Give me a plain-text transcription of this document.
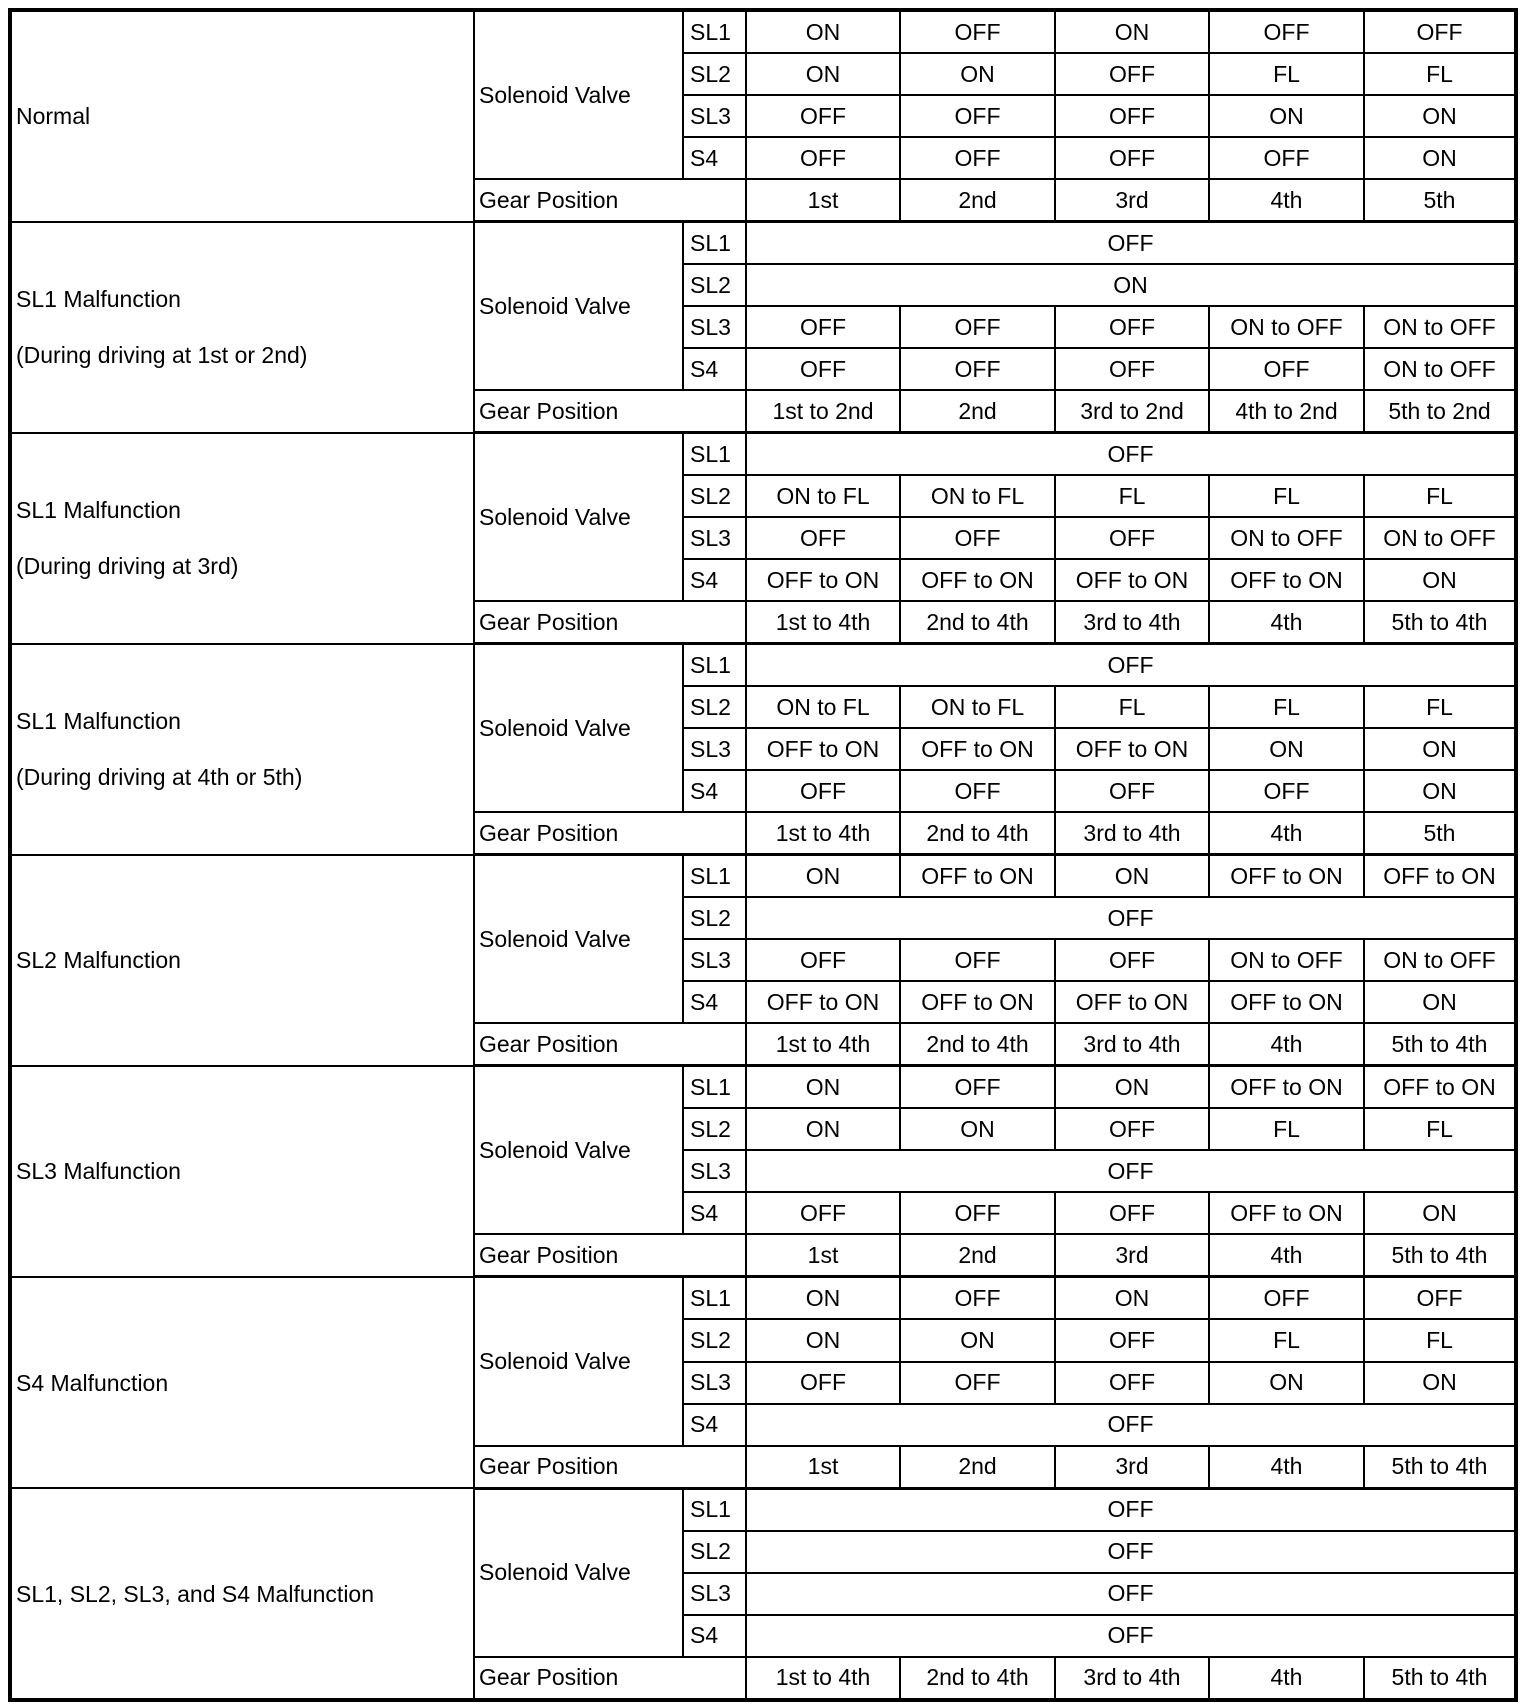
Normal	Solenoid Valve	SL1	ON	OFF	ON	OFF	OFF
		SL2	ON	ON	OFF	FL	FL
		SL3	OFF	OFF	OFF	ON	ON
		S4	OFF	OFF	OFF	OFF	ON
	Gear Position		1st	2nd	3rd	4th	5th

SL1 Malfunction
(During driving at 1st or 2nd)	Solenoid Valve	SL1	OFF				
		SL2	ON				
		SL3	OFF	OFF	OFF	ON to OFF	ON to OFF
		S4	OFF	OFF	OFF	OFF	ON to OFF
	Gear Position		1st to 2nd	2nd	3rd to 2nd	4th to 2nd	5th to 2nd

SL1 Malfunction
(During driving at 3rd)	Solenoid Valve	SL1	OFF				
		SL2	ON to FL	ON to FL	FL	FL	FL
		SL3	OFF	OFF	OFF	ON to OFF	ON to OFF
		S4	OFF to ON	OFF to ON	OFF to ON	OFF to ON	ON
	Gear Position		1st to 4th	2nd to 4th	3rd to 4th	4th	5th to 4th

SL1 Malfunction
(During driving at 4th or 5th)	Solenoid Valve	SL1	OFF				
		SL2	ON to FL	ON to FL	FL	FL	FL
		SL3	OFF to ON	OFF to ON	OFF to ON	ON	ON
		S4	OFF	OFF	OFF	OFF	ON
	Gear Position		1st to 4th	2nd to 4th	3rd to 4th	4th	5th

SL2 Malfunction	Solenoid Valve	SL1	ON	OFF to ON	ON	OFF to ON	OFF to ON
		SL2	OFF				
		SL3	OFF	OFF	OFF	ON to OFF	ON to OFF
		S4	OFF to ON	OFF to ON	OFF to ON	OFF to ON	ON
	Gear Position		1st to 4th	2nd to 4th	3rd to 4th	4th	5th to 4th

SL3 Malfunction	Solenoid Valve	SL1	ON	OFF	ON	OFF to ON	OFF to ON
		SL2	ON	ON	OFF	FL	FL
		SL3	OFF				
		S4	OFF	OFF	OFF	OFF to ON	ON
	Gear Position		1st	2nd	3rd	4th	5th to 4th

S4 Malfunction	Solenoid Valve	SL1	ON	OFF	ON	OFF	OFF
		SL2	ON	ON	OFF	FL	FL
		SL3	OFF	OFF	OFF	ON	ON
		S4	OFF				
	Gear Position		1st	2nd	3rd	4th	5th to 4th

SL1, SL2, SL3, and S4 Malfunction	Solenoid Valve	SL1	OFF				
		SL2	OFF				
		SL3	OFF				
		S4	OFF				
	Gear Position		1st to 4th	2nd to 4th	3rd to 4th	4th	5th to 4th
